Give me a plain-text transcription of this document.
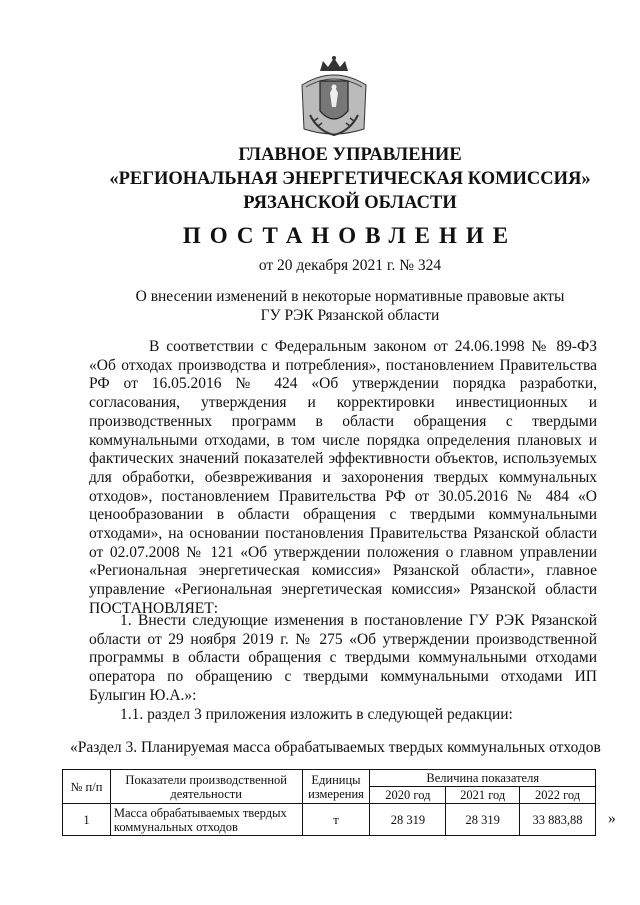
ГЛАВНОЕ УПРАВЛЕНИЕ
«РЕГИОНАЛЬНАЯ ЭНЕРГЕТИЧЕСКАЯ КОМИССИЯ»
РЯЗАНСКОЙ ОБЛАСТИ
ПОСТАНОВЛЕНИЕ
от 20 декабря 2021 г. № 324
О внесении изменений в некоторые нормативные правовые акты
ГУ РЭК Рязанской области
В соответствии с Федеральным законом от 24.06.1998 № 89-ФЗ «Об отходах производства и потребления», постановлением Правительства РФ от 16.05.2016 № 424 «Об утверждении порядка разработки, согласования, утверждения и корректировки инвестиционных и производственных программ в области обращения с твердыми коммунальными отходами, в том числе порядка определения плановых и фактических значений показателей эффективности объектов, используемых для обработки, обезвреживания и захоронения твердых коммунальных отходов», постановлением Правительства РФ от 30.05.2016 № 484 «О ценообразовании в области обращения с твердыми коммунальными отходами», на основании постановления Правительства Рязанской области от 02.07.2008 № 121 «Об утверждении положения о главном управлении «Региональная энергетическая комиссия» Рязанской области», главное управление «Региональная энергетическая комиссия» Рязанской области ПОСТАНОВЛЯЕТ:
1. Внести следующие изменения в постановление ГУ РЭК Рязанской области от 29 ноября 2019 г. № 275 «Об утверждении производственной программы в области обращения с твердыми коммунальными отходами оператора по обращению с твердыми коммунальными отходами ИП Булыгин Ю.А.»:
1.1. раздел 3 приложения изложить в следующей редакции:
«Раздел 3. Планируемая масса обрабатываемых твердых коммунальных отходов
№ п/п	Показатели производственной деятельности	Единицы измерения	Величина показателя		
			2020 год	2021 год	2022 год
1	Масса обрабатываемых твердых коммунальных отходов	т	28 319	28 319	33 883,88 »
